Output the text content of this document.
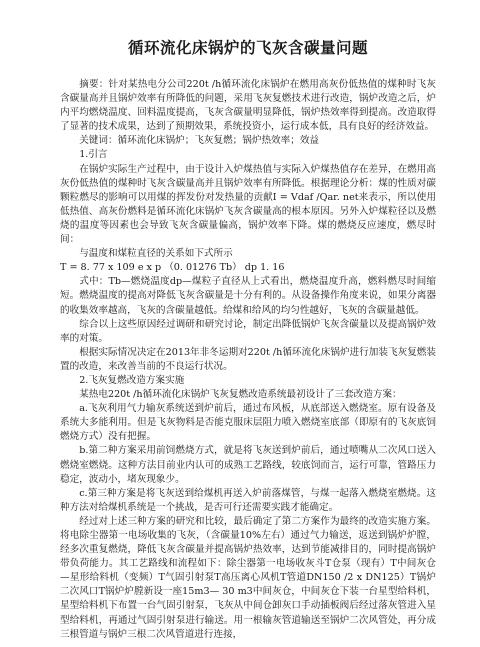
循环流化床锅炉的飞灰含碳量问题

摘要：针对某热电分公司220t /h循环流化床锅炉在燃用高灰份低热值的煤种时飞灰含碳量高并且锅炉效率有所降低的问题，采用飞灰复燃技术进行改造，锅炉改造之后，炉内平均燃烧温度、回料温度提高，飞灰含碳量明显降低，锅炉热效率得到提高。改造取得了显著的技术成果，达到了预期效果，系统投资小，运行成本低，具有良好的经济效益。

关键词：循环流化床锅炉；飞灰复燃；锅炉热效率；效益

1.引言

在锅炉实际生产过程中，由于设计入炉煤热值与实际入炉煤热值存在差异，在燃用高灰份低热值的煤种时飞灰含碳量高并且锅炉效率有所降低。根据理论分析：煤的性质对碳颗粒燃尽的影响可以用煤的挥发份对发热量的贡献I = Vdaf /Qar. net来表示，所以使用低热值、高灰份燃料是循环流化床锅炉飞灰含碳量高的根本原因。另外入炉煤粒径以及燃烧的温度等因素也会导致飞灰含碳量偏高，锅炉效率下降。煤的燃烧反应速度，燃尽时间：

与温度和煤粒直径的关系如下式所示

T = 8. 77 x 109 e x p （0. 01276 Tb） dp 1. 16

式中：Tb—燃烧温度dp—煤粒子直径从上式看出，燃烧温度升高，燃料燃尽时间缩短。燃烧温度的提高对降低飞灰含碳量是十分有利的。从设备操作角度来说，如果分离器的收集效率越高，飞灰的含碳量越低。给煤和给风的均匀性越好，飞灰的含碳量越低。

综合以上这些原因经过调研和研究讨论，制定出降低锅炉飞灰含碳量以及提高锅炉效率的对策。

根据实际情况决定在2013年非冬运期对220t /h循环流化床锅炉进行加装飞灰复燃装置的改造，来改善当前的不良运行状况。

2.飞灰复燃改造方案实施

某热电220t /h循环流化床锅炉飞灰复燃改造系统最初设计了三套改造方案：

a.飞灰利用气力输灰系统送到炉前后，通过布风板，从底部送入燃烧室。原有设备及系统大多能利用。但是飞灰物料是否能克服床层阻力喷入燃烧室底部（即原有的飞灰底饲燃烧方式）没有把握。

b.第二种方案采用前饲燃烧方式，就是将飞灰送到炉前后，通过喷嘴从二次风口送入燃烧室燃烧。这种方法目前业内认可的成熟工艺路线，较底饲而言，运行可靠，管路压力稳定，波动小，堵灰现象少。

c.第三种方案是将飞灰送到给煤机再送入炉前落煤管，与煤一起落入燃烧室燃烧。这种方法对给煤机系统是一个挑战，是否可行还需要实践才能确定。

经过对上述三种方案的研究和比较，最后确定了第二方案作为最终的改造实施方案。将电除尘器第一电场收集的飞灰，（含碳量10%左右）通过气力输送，返送到锅炉炉膛，经多次重复燃烧，降低飞灰含碳量并提高锅炉热效率，达到节能减排目的，同时提高锅炉带负荷能力。其工艺路线和流程如下：除尘器第一电场收灰斗T仓泵（现有）T中间灰仓—星形给料机（变频）T气固引射泵T高压离心风机T管道DN150 /2 x DN125）T锅炉二次风口T锅炉炉膛新设一座15m3— 30 m3中间灰仓，中间灰仓下装一台星型给料机，星型给料机下布置一台气固引射泵，飞灰从中间仓卸灰口手动插板阀后经过落灰管进入星型给料机，再通过气固引射泵进行输送。用一根输灰管道输送至锅炉二次风管处，再分成三根管道与锅炉三根二次风管道进行连接，
